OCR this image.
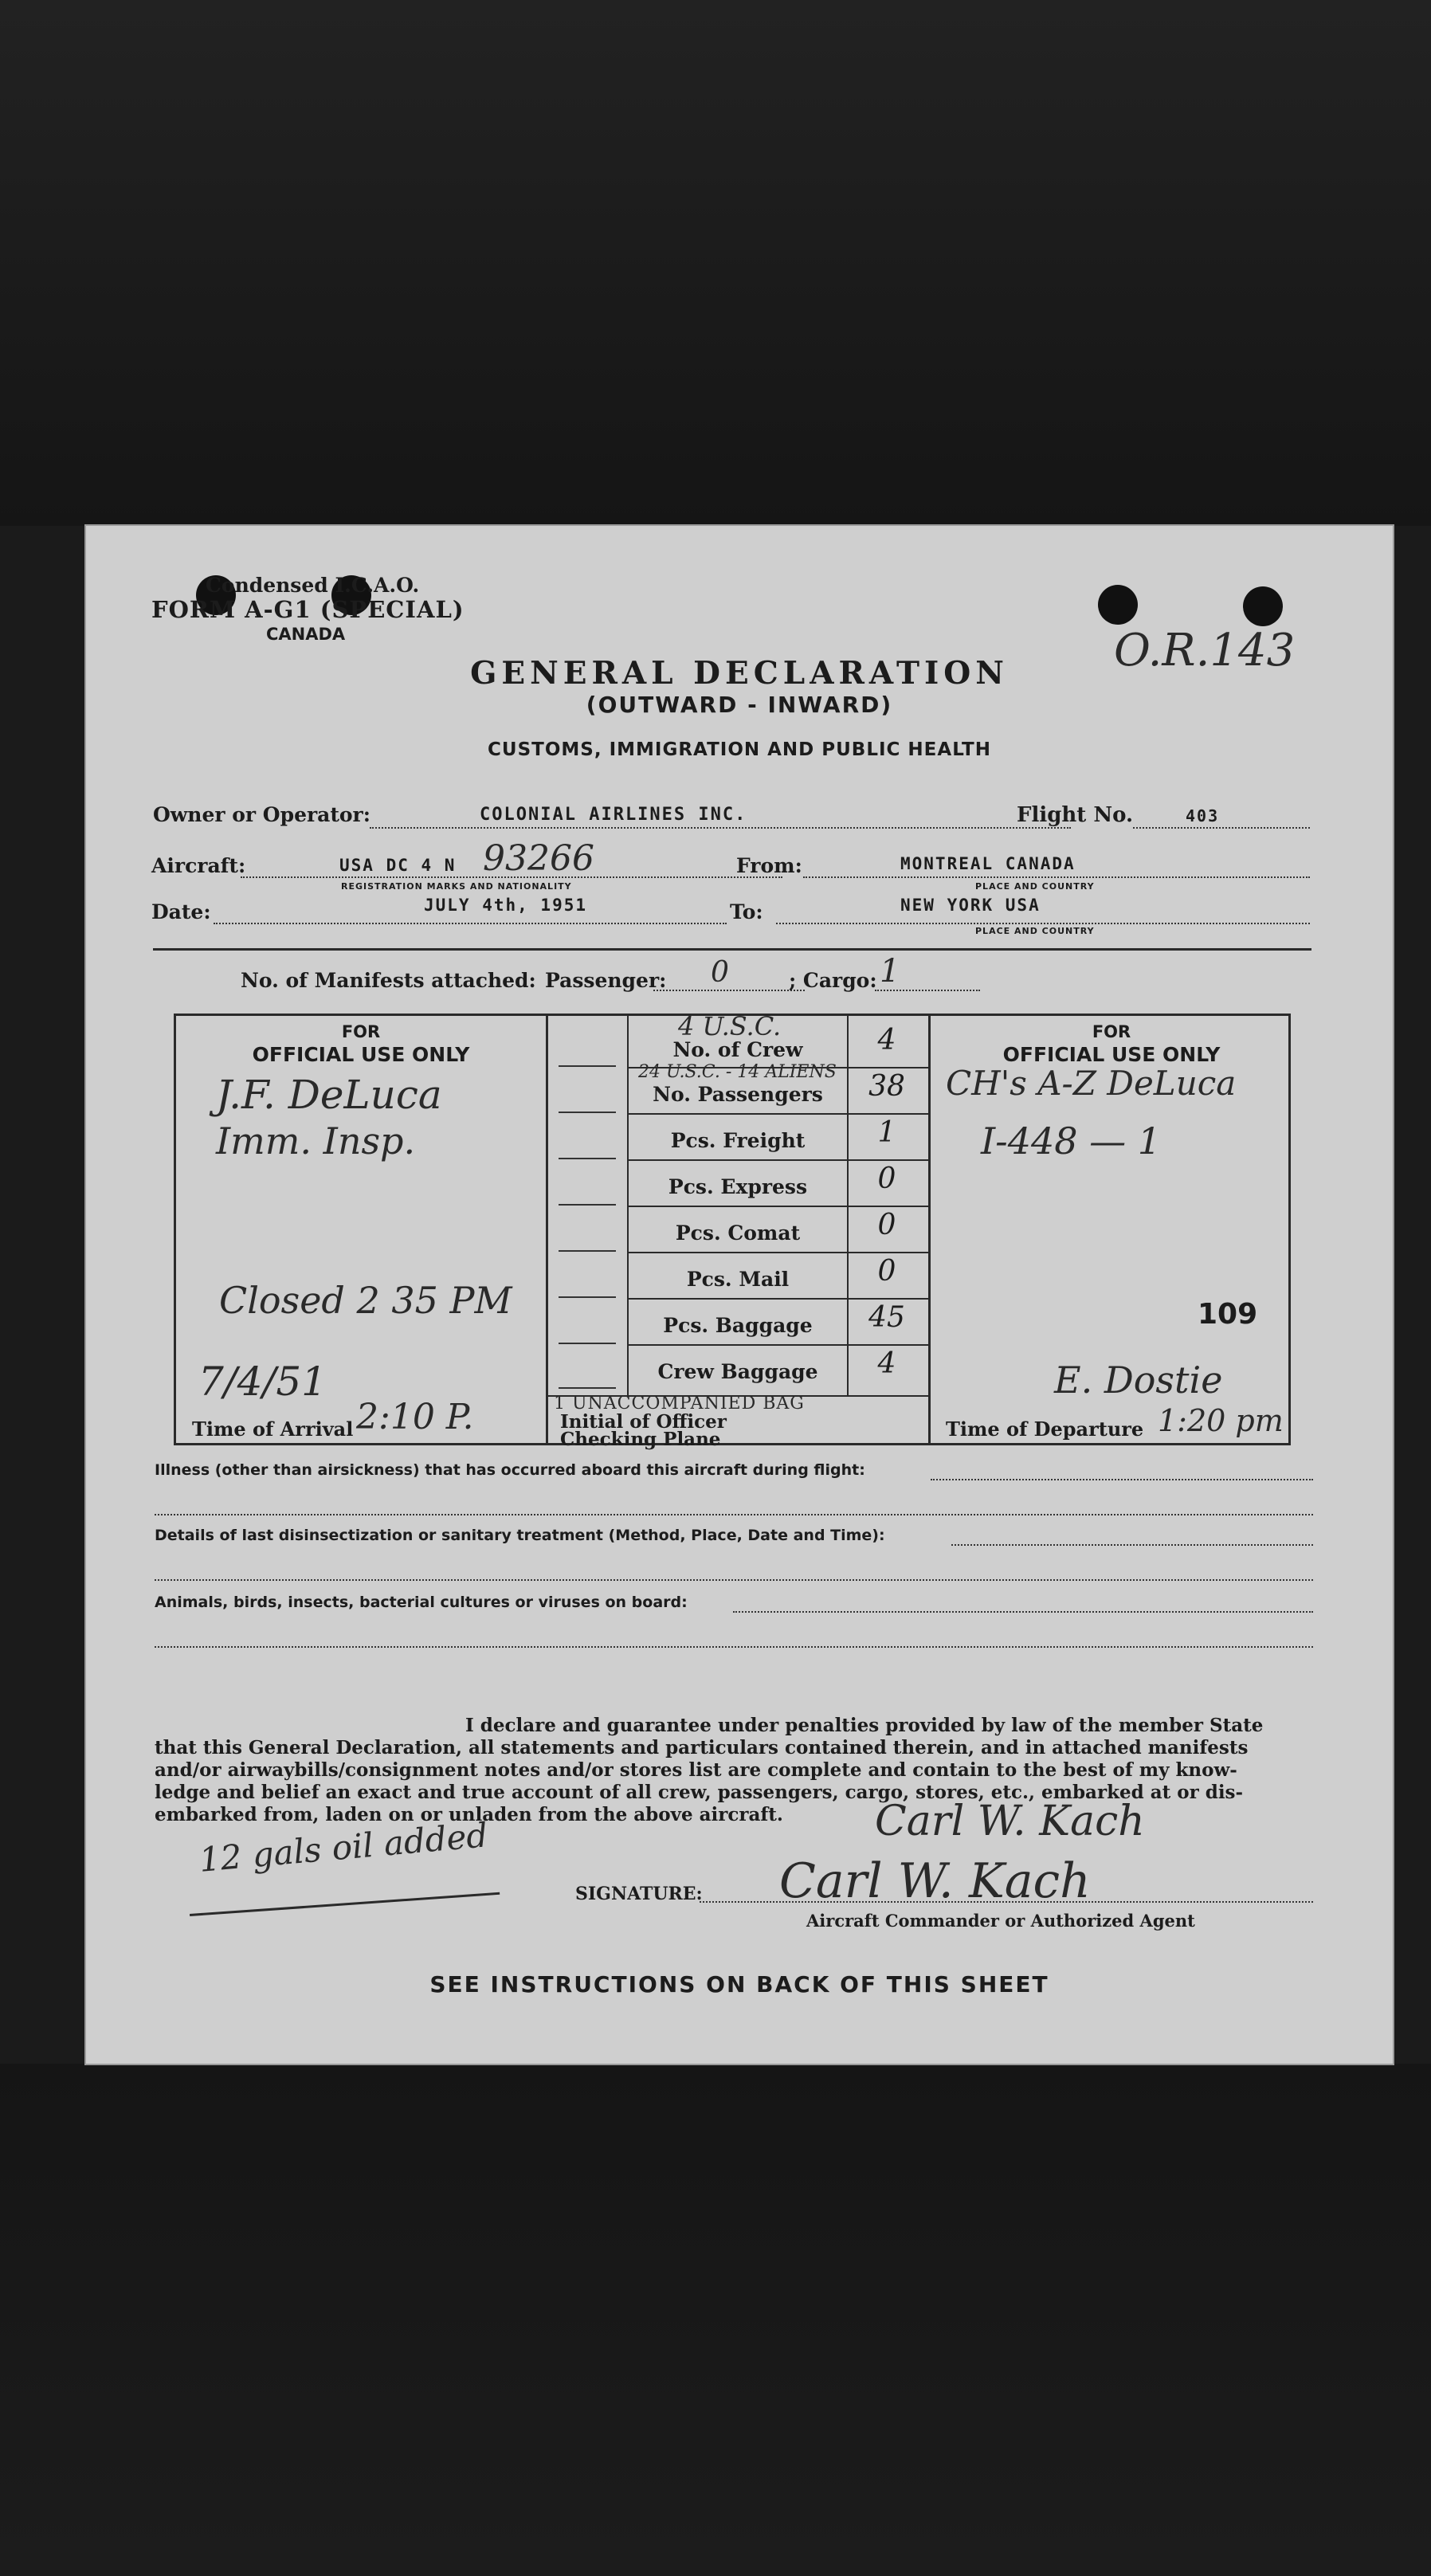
Condensed I.C.A.O.
FORM A-G1 (SPECIAL)
CANADA	O.R.143
GENERAL DECLARATION
(OUTWARD - INWARD)
CUSTOMS, IMMIGRATION AND PUBLIC HEALTH
Owner or Operator:	COLONIAL AIRLINES INC.	Flight No.	403
Aircraft:	USA DC 4 N 93266
REGISTRATION MARKS AND NATIONALITY
From:	MONTREAL CANADA
PLACE AND COUNTRY
Date:	JULY 4th, 1951	To:	NEW YORK USA
PLACE AND COUNTRY
No. of Manifests attached: Passenger: 0	; Cargo: 1
FOR
OFFICIAL USE ONLY
J.F. DeLuca
Imm. Insp.
Closed 2 35 PM
7/4/51
Time of Arrival 2:10 P.
4 U.S.C.
No. of Crew	4
24 U.S.C. - 14 ALIENS
No. Passengers	38
Pcs. Freight	1
Pcs. Express	0
Pcs. Comat	0
Pcs. Mail	0
Pcs. Baggage	45
Crew Baggage	4
1 UNACCOMPANIED BAG
Initial of Officer
Checking Plane
FOR
OFFICIAL USE ONLY
CH's A-Z DeLuca
I-448 — 1
109
E. Dostie
Time of Departure 1:20 pm
Illness (other than airsickness) that has occurred aboard this aircraft during flight:
Details of last disinsectization or sanitary treatment (Method, Place, Date and Time):
Animals, birds, insects, bacterial cultures or viruses on board:
I declare and guarantee under penalties provided by law of the member State
that this General Declaration, all statements and particulars contained therein, and in attached manifests
and/or airwaybills/consignment notes and/or stores list are complete and contain to the best of my know-
ledge and belief an exact and true account of all crew, passengers, cargo, stores, etc., embarked at or dis-
embarked from, laden on or unladen from the above aircraft.
12 gals oil added	Carl W. Kach
Carl W. Kach
SIGNATURE:
Aircraft Commander or Authorized Agent
SEE INSTRUCTIONS ON BACK OF THIS SHEET
